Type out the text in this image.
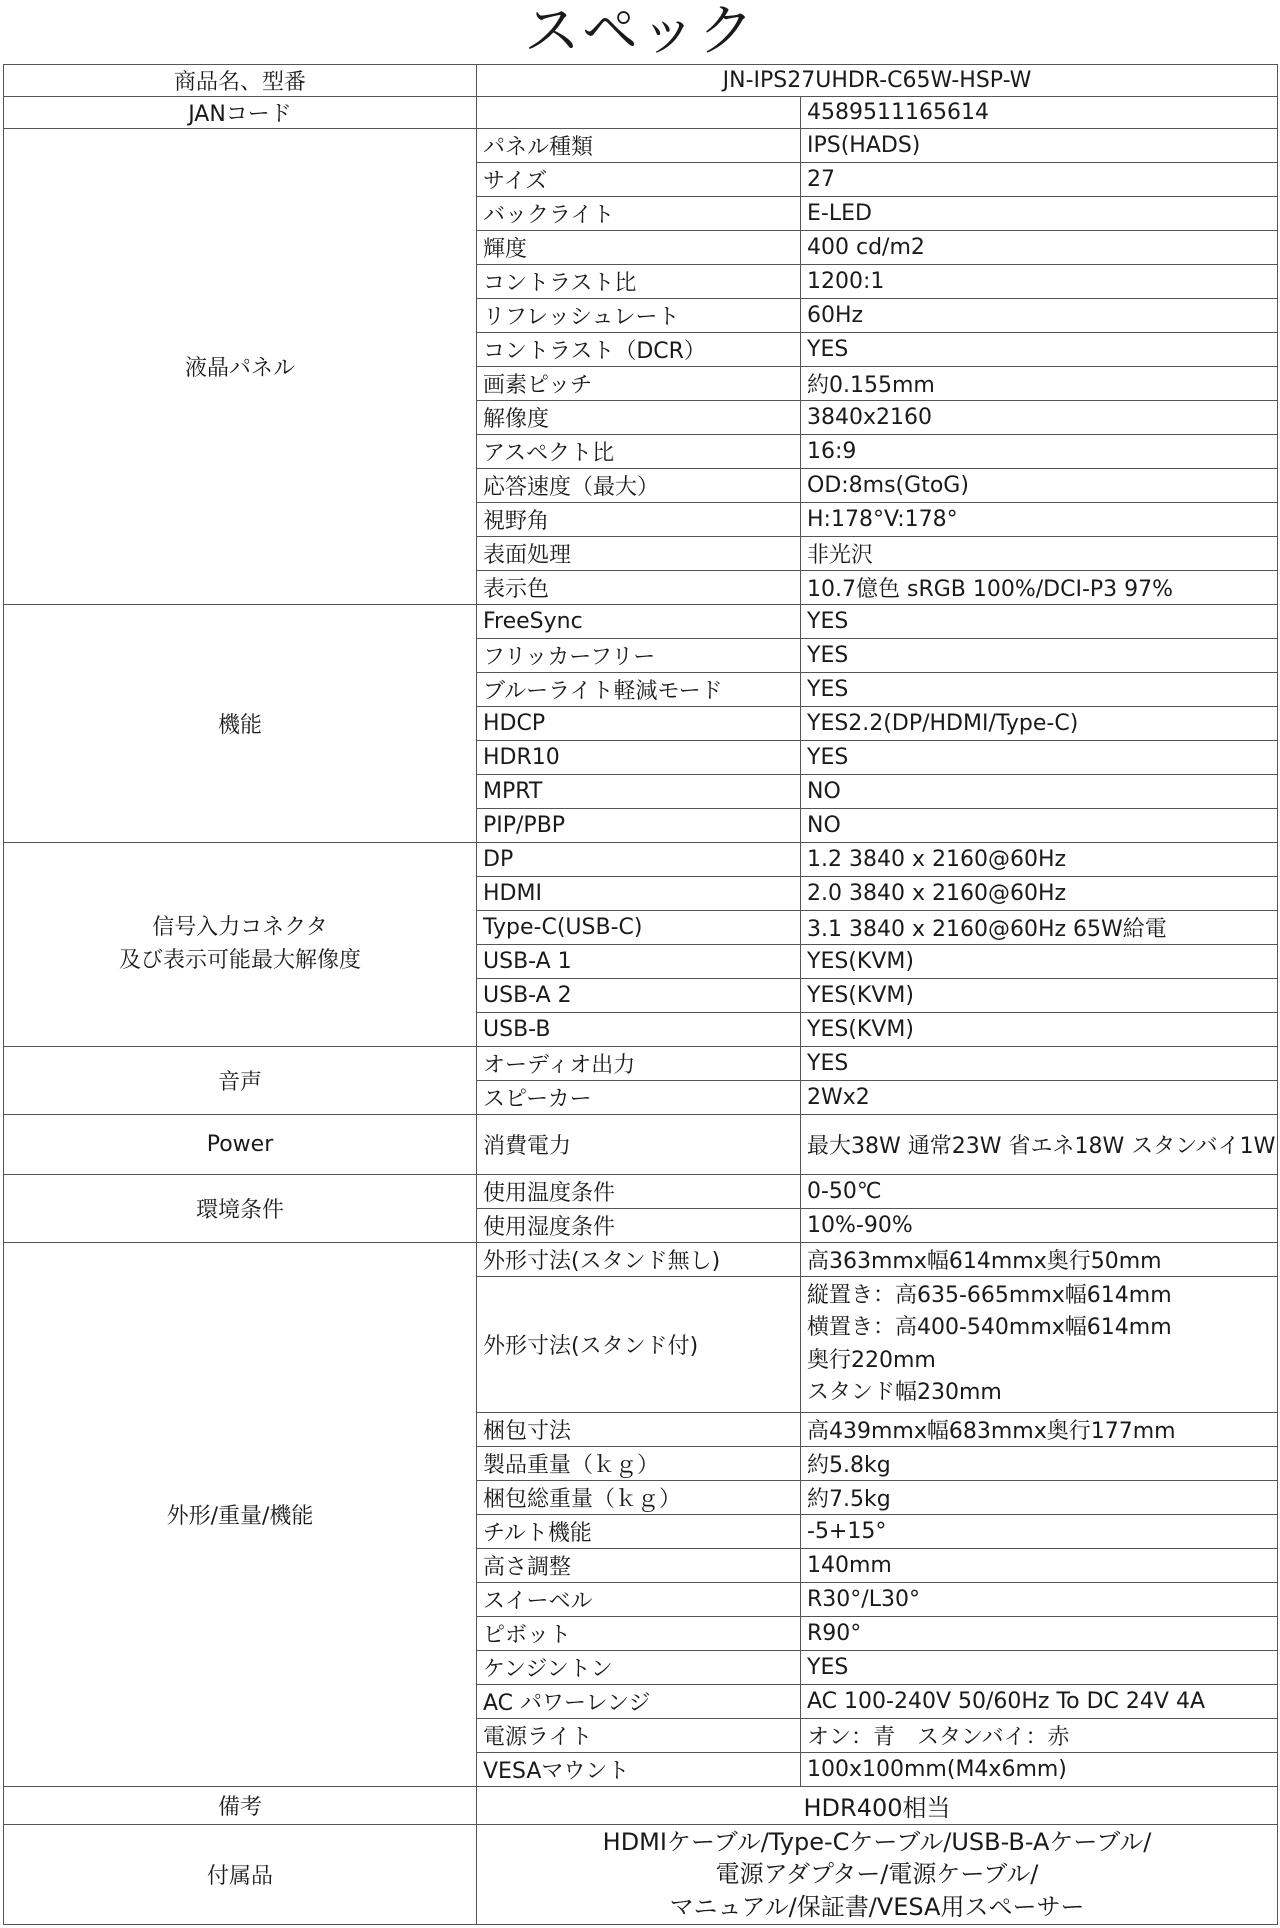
スペック
商品名、型番	JN-IPS27UHDR-C65W-HSP-W	
JANコード		4589511165614
液晶パネル	パネル種類	IPS(HADS)
	サイズ	27
	バックライト	E-LED
	輝度	400 cd/m2
	コントラスト比	1200:1
	リフレッシュレート	60Hz
	コントラスト（DCR）	YES
	画素ピッチ	約0.155mm
	解像度	3840x2160
	アスペクト比	16:9
	応答速度（最大）	OD:8ms(GtoG)
	視野角	H:178°V:178°
	表面処理	非光沢
	表示色	10.7億色 sRGB 100%/DCI-P3 97%
機能	FreeSync	YES
	フリッカーフリー	YES
	ブルーライト軽減モード	YES
	HDCP	YES2.2(DP/HDMI/Type-C)
	HDR10	YES
	MPRT	NO
	PIP/PBP	NO

信号入力コネクタ
及び表示可能最大解像度	DP	1.2 3840 x 2160@60Hz
	HDMI	2.0 3840 x 2160@60Hz
	Type-C(USB-C)	3.1 3840 x 2160@60Hz 65W給電
	USB-A 1	YES(KVM)
	USB-A 2	YES(KVM)
	USB-B	YES(KVM)
音声	オーディオ出力	YES
	スピーカー	2Wx2
Power	消費電力	最大38W 通常23W 省エネ18W スタンバイ1W
環境条件	使用温度条件	0-50℃
	使用湿度条件	10%-90%
外形/重量/機能	外形寸法(スタンド無し)	高363mmx幅614mmx奥行50mm
	外形寸法(スタンド付)	縦置き：高635-665mmx幅614mm
横置き：高400-540mmx幅614mm
奥行220mm
スタンド幅230mm

	梱包寸法	高439mmx幅683mmx奥行177mm
	製品重量（ｋｇ）	約5.8kg
	梱包総重量（ｋｇ）	約7.5kg
	チルト機能	-5+15°
	高さ調整	140mm
	スイーベル	R30°/L30°
	ピボット	R90°
	ケンジントン	YES
	AC パワーレンジ	AC 100-240V 50/60Hz To DC 24V 4A
	電源ライト	オン：青　スタンバイ：赤
	VESAマウント	100x100mm(M4x6mm)
備考	HDR400相当	
付属品	HDMIケーブル/Type-Cケーブル/USB-B-Aケーブル/
電源アダプター/電源ケーブル/
マニュアル/保証書/VESA用スペーサー	
